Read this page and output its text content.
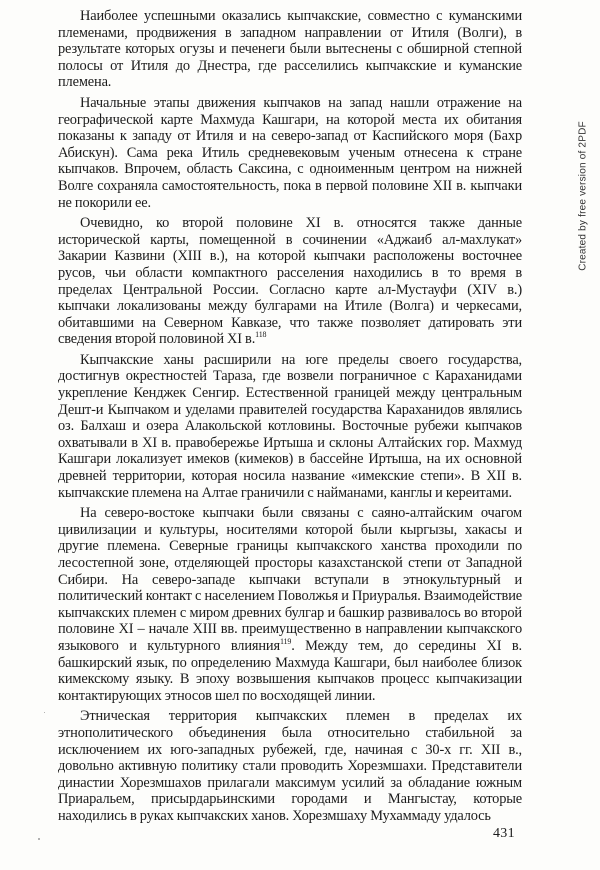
Наиболее успешными оказались кыпчакские, совместно с куманскими племенами, продвижения в западном направлении от Итиля (Волги), в результате которых огузы и печенеги были вытеснены с обширной степной полосы от Итиля до Днестра, где расселились кыпчакские и куманские племена.

Начальные этапы движения кыпчаков на запад нашли отражение на географической карте Махмуда Кашгари, на которой места их обитания показаны к западу от Итиля и на северо-запад от Каспийского моря (Бахр Абискун). Сама река Итиль средневековым ученым отнесена к стране кыпчаков. Впрочем, область Саксина, с одноименным центром на нижней Волге сохраняла самостоятельность, пока в первой половине XII в. кыпчаки не покорили ее.

Очевидно, ко второй половине XI в. относятся также данные исторической карты, помещенной в сочинении «Аджаиб ал-махлукат» Закарии Казвини (XIII в.), на которой кыпчаки расположены восточнее русов, чьи области компактного расселения находились в то время в пределах Центральной России. Согласно карте ал-Мустауфи (XIV в.) кыпчаки локализованы между булгарами на Итиле (Волга) и черкесами, обитавшими на Северном Кавказе, что также позволяет датировать эти сведения второй половиной XI в.$^{118}$

Кыпчакские ханы расширили на юге пределы своего государства, достигнув окрестностей Тараза, где возвели пограничное с Караханидами укрепление Кенджек Сенгир. Естественной границей между центральным Дешт-и Кыпчаком и уделами правителей государства Караханидов являлись оз. Балхаш и озера Алакольской котловины. Восточные рубежи кыпчаков охватывали в XI в. правобережье Иртыша и склоны Алтайских гор. Махмуд Кашгари локализует имеков (кимеков) в бассейне Иртыша, на их основной древней территории, которая носила название «имекские степи». В XII в. кыпчакские племена на Алтае граничили с найманами, канглы и кереитами.

На северо-востоке кыпчаки были связаны с саяно-алтайским очагом цивилизации и культуры, носителями которой были кыргызы, хакасы и другие племена. Северные границы кыпчакского ханства проходили по лесостепной зоне, отделяющей просторы казахстанской степи от Западной Сибири. На северо-западе кыпчаки вступали в этнокультурный и политический контакт с населением Поволжья и Приуралья. Взаимодействие кыпчакских племен с миром древних булгар и башкир развивалось во второй половине XI – начале XIII вв. преимущественно в направлении кыпчакского языкового и культурного влияния$^{119}$. Между тем, до середины XI в. башкирский язык, по определению Махмуда Кашгари, был наиболее близок кимекскому языку. В эпоху возвышения кыпчаков процесс кыпчакизации контактирующих этносов шел по восходящей линии.

Этническая территория кыпчакских племен в пределах их этнополитического объединения была относительно стабильной за исключением их юго-западных рубежей, где, начиная с 30-х гг. XII в., довольно активную политику стали проводить Хорезмшахи. Представители династии Хорезмшахов прилагали максимум усилий за обладание южным Приаральем, присырдарьинскими городами и Мангыстау, которые находились в руках кыпчакских ханов. Хорезмшаху Мухаммаду удалось

431
Created by free version of 2PDF
